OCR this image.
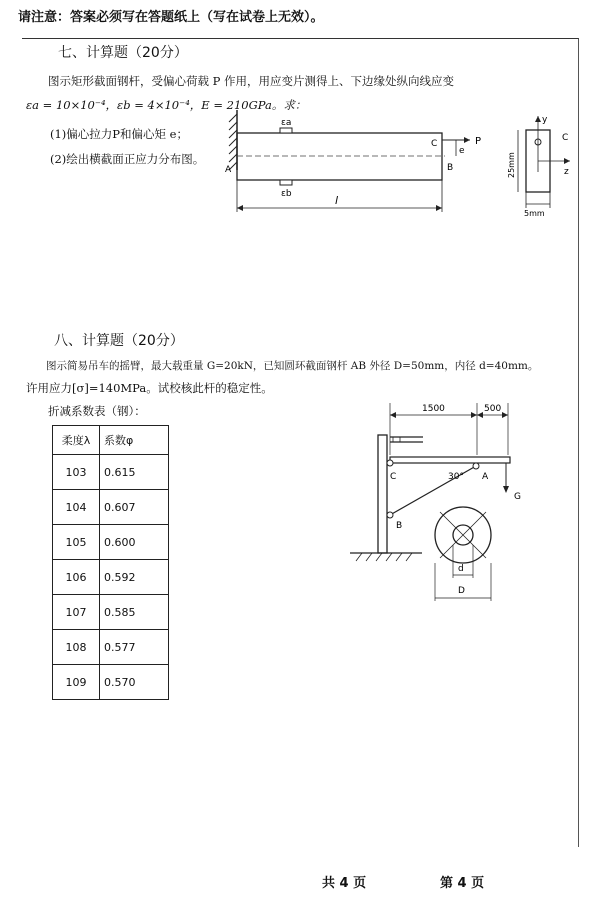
请注意：答案必须写在答题纸上（写在试卷上无效）。
七、计算题（20分）
图示矩形截面钢杆，受偏心荷载 P 作用，用应变片测得上、下边缘处纵向线应变
εa = 10×10⁻⁴，εb = 4×10⁻⁴，E = 210GPa。求：
(1)偏心拉力P和偏心矩 e；
(2)绘出横截面正应力分布图。
εa
εb
A
C
B
P
e
l
y
z
C
25mm
5mm
八、计算题（20分）
图示简易吊车的摇臂，最大载重量 G=20kN，已知圆环截面钢杆 AB 外径 D=50mm，内径 d=40mm。
许用应力[σ]=140MPa。试校核此杆的稳定性。
折减系数表（钢）：
柔度λ	系数φ
103	0.615
104	0.607
105	0.600
106	0.592
107	0.585
108	0.577
109	0.570
C
B
A
30°
G
1500	500
d
D
共 4 页	第 4 页
